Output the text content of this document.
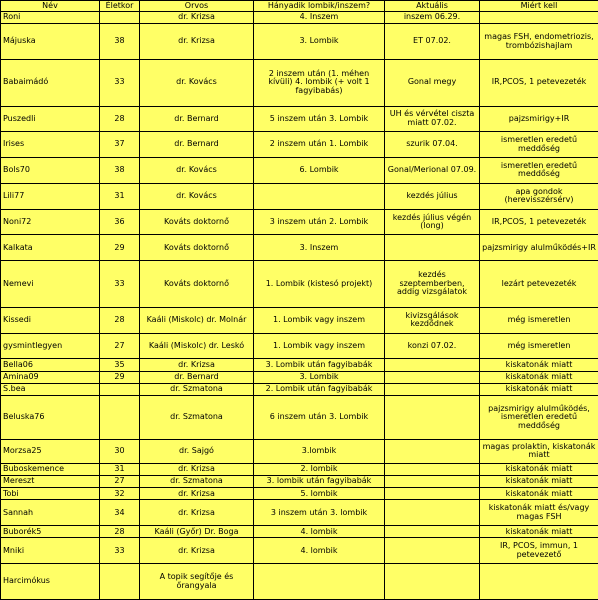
Név	Életkor	Orvos	Hányadik lombik/inszem?	Aktuális	Miért kell
Roni		dr. Krizsa	4. Inszem	inszem 06.29.	
Májuska	38	dr. Krizsa	3. Lombik	ET 07.02.	magas FSH, endometriozis, trombózishajlam
Babaimádó	33	dr. Kovács	2 inszem után (1. méhen kívüli) 4. lombik (+ volt 1 fagyibabás)	Gonal megy	IR,PCOS, 1 petevezeték
Puszedli	28	dr. Bernard	5 inszem után 3. Lombik	UH és vérvétel ciszta miatt 07.02.	pajzsmirigy+IR
Irises	37	dr. Bernard	2 inszem után 1. Lombik	szurik 07.04.	ismeretlen eredetű meddőség
Bols70	38	dr. Kovács	6. Lombik	Gonal/Merional 07.09.	ismeretlen eredetű meddőség
Lili77	31	dr. Kovács		kezdés július	apa gondok (herevisszérsérv)
Noni72	36	Kováts doktornő	3 inszem után 2. Lombik	kezdés július végén (long)	IR,PCOS, 1 petevezeték
Kalkata	29	Kováts doktornő	3. Inszem		pajzsmirigy alulműködés+IR
Nemevi	33	Kováts doktornő	1. Lombik (kistesó projekt)	kezdés szeptemberben, addig vizsgálatok	lezárt petevezeték
Kissedi	28	Kaáli (Miskolc) dr. Molnár	1. Lombik vagy inszem	kivizsgálások kezdődnek	még ismeretlen
gysmintlegyen	27	Kaáli (Miskolc) dr. Leskó	1. Lombik vagy inszem	konzi 07.02.	még ismeretlen
Bella06	35	dr. Krizsa	3. Lombik után fagyibabák		kiskatonák miatt
Amina09	29	dr. Bernard	3. Lombik		kiskatonák miatt
S.bea		dr. Szmatona	2. Lombik után fagyibabák		kiskatonák miatt
Beluska76		dr. Szmatona	6 inszem után 3. Lombik		pajzsmirigy alulműködés, ismeretlen eredetű meddőség
Morzsa25	30	dr. Sajgó	3.lombik		magas prolaktin, kiskatonák miatt
Buboskemence	31	dr. Krizsa	2. lombik		kiskatonák miatt
Mereszt	27	dr. Szmatona	3. lombik után fagyibabák		kiskatonák miatt
Tobi	32	dr. Krizsa	5. lombik		kiskatonák miatt
Sannah	34	dr. Krizsa	3 inszem után 3. lombik		kiskatonák miatt és/vagy magas FSH
Buborék5	28	Kaáli (Győr) Dr. Boga	4. lombik		kiskatonák miatt
Mniki	33	dr. Krizsa	4. lombik		IR, PCOS, immun, 1 petevezető
Harcimókus		A topik segítője és őrangyala			
